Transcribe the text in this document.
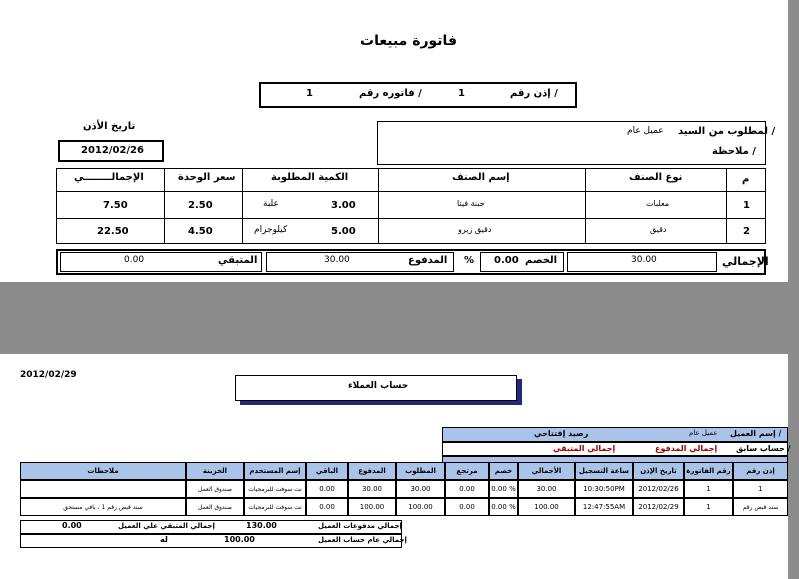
فاتورة مبيعات
إذن رقم /
1
فاتوره رقم /
1
تاريخ الأذن
2012/02/26
لمطلوب من السيد /
عميل عام
ملاحظة /
م
نوع الصنف
إسم الصنف
الكمية المطلوبة
سعر الوحدة
الإجمالــــــــي
1
معلبات
جبنة فيتا
3.00
علبة
2.50
7.50
2
دقيق
دقيق زيرو
5.00
كيلوجرام
4.50
22.50
الإجمالي
30.00
الخصم
0.00
%
المدفوع
30.00
المتبقي
0.00
2012/02/29
حساب العملاء
إسم العميل /
عميل عام
رصيد إفتتاحي
حساب سابق /
إجمالي المدفوع
إجمالي المتبقي
إذن رقم
رقم الفاتورة
تاريخ الإذن
ساعة التسجيل
الأجمالي
خصم
مرتجع
المطلوب
المدفوع
الباقي
إسم المستخدم
الخزينة
ملاحظات
1
1
2012/02/26
10:30:50PM
30.00
0.00
%
0.00
30.00
30.00
0.00
نت سوفت للبرمجيات
صندوق العمل
سند قبض رقم
1
2012/02/29
12:47:55AM
100.00
0.00
%
0.00
100.00
100.00
0.00
نت سوفت للبرمجيات
صندوق العمل
سند قبض رقم 1 ، باقي مستحق
إجمالي مدفوعات العميل
130.00
إجمالي المتبقي علي العميل
0.00
إجمالي عام حساب العميل
100.00
له
